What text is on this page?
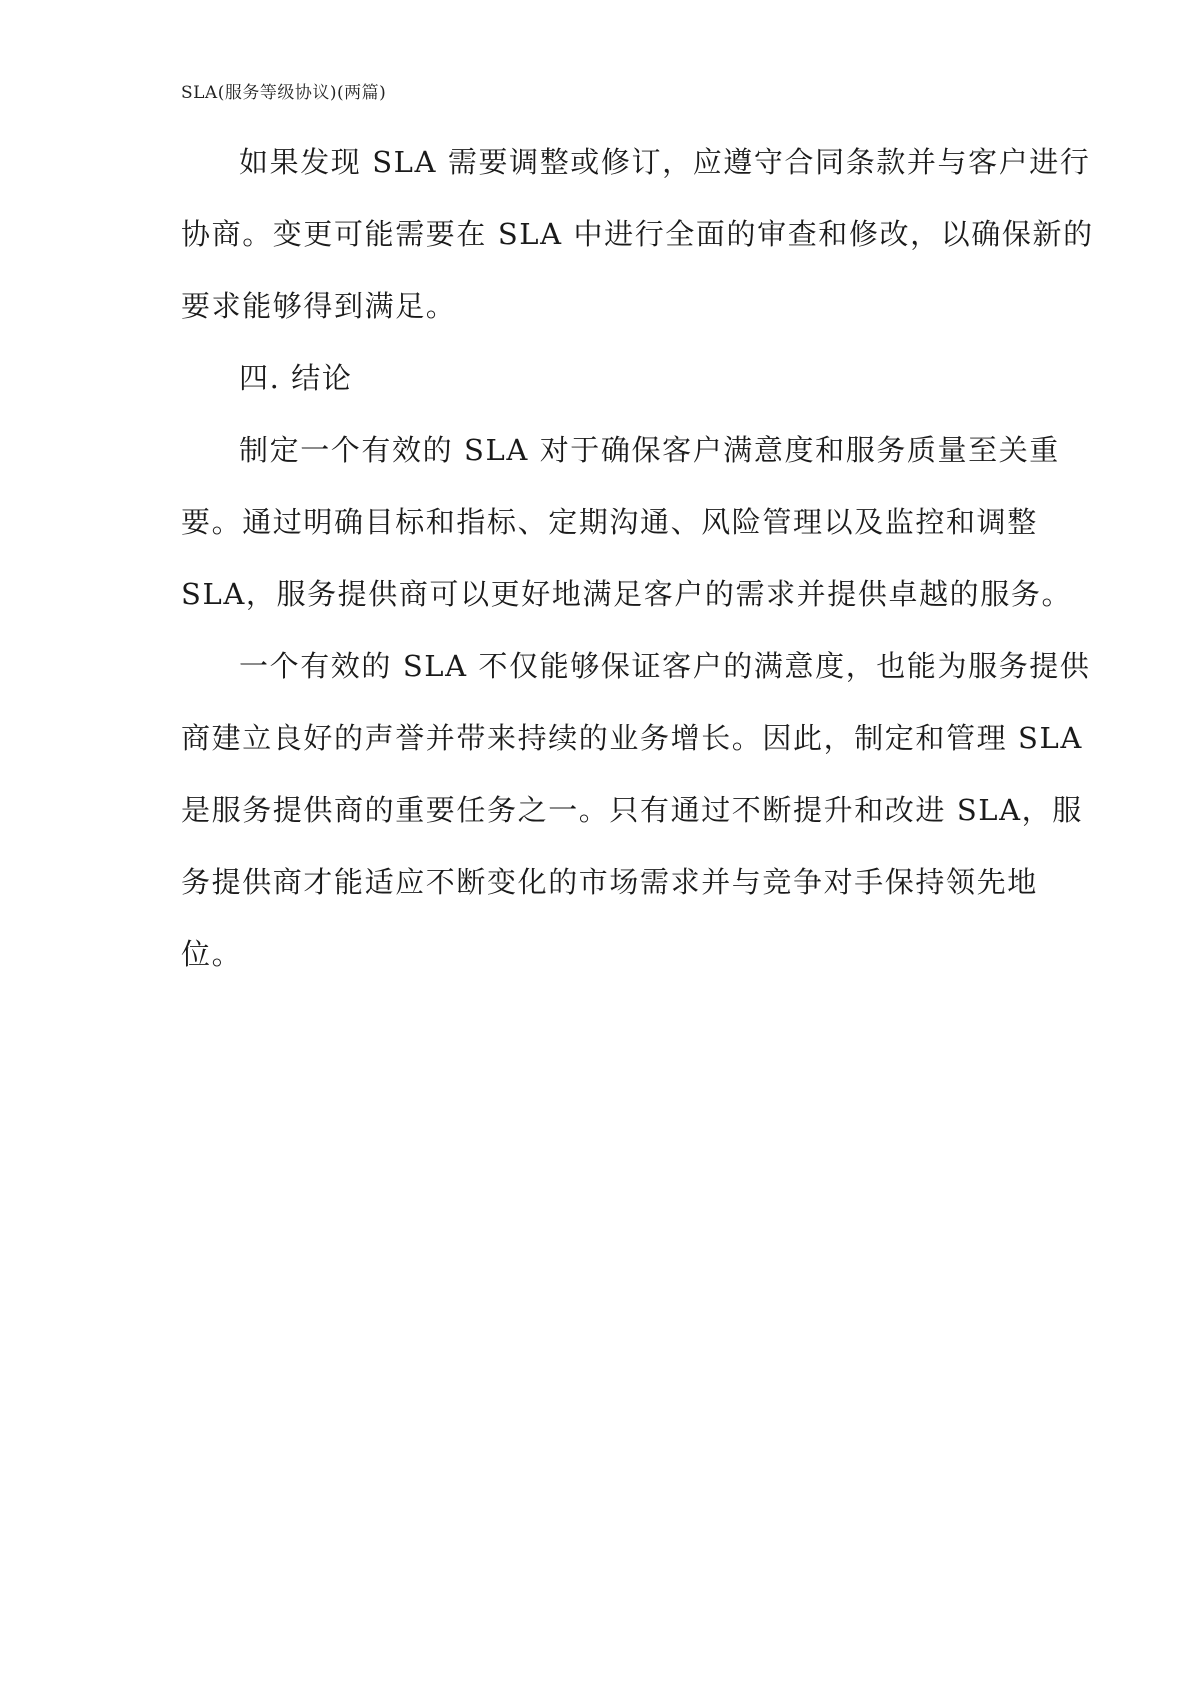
SLA(服务等级协议)(两篇)
如果发现 SLA 需要调整或修订，应遵守合同条款并与客户进行
协商。变更可能需要在 SLA 中进行全面的审查和修改，以确保新的
要求能够得到满足。
四. 结论
制定一个有效的 SLA 对于确保客户满意度和服务质量至关重
要。通过明确目标和指标、定期沟通、风险管理以及监控和调整
SLA，服务提供商可以更好地满足客户的需求并提供卓越的服务。
一个有效的 SLA 不仅能够保证客户的满意度，也能为服务提供
商建立良好的声誉并带来持续的业务增长。因此，制定和管理 SLA
是服务提供商的重要任务之一。只有通过不断提升和改进 SLA，服
务提供商才能适应不断变化的市场需求并与竞争对手保持领先地
位。
